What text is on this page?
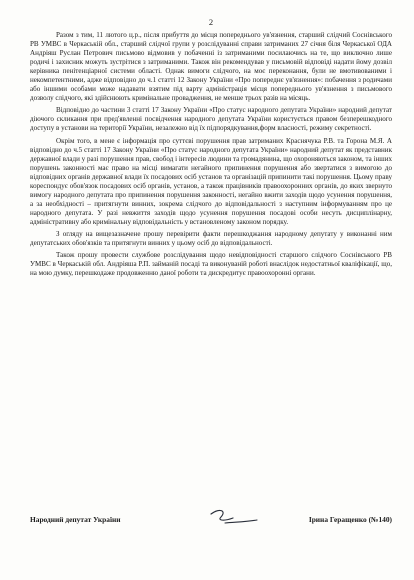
2

Разом з тим, 11 лютого ц.р., після прибуття до місця попереднього ув'язнення, старший слідчий Соснівського РВ УМВС в Черкаській обл., старший слідчої групи у розслідуванні справи затриманих 27 січня біля Черкаської ОДА Андріяш Руслан Петрович письмово відмовив у побаченні із затриманими посилаючись на те, що виключно лише родичі і захисник можуть зустрітися з затриманими. Також він рекомендував у письмовій відповіді надати йому дозвіл керівника пенітенціарної системи області. Однак вимоги слідчого, на моє переконання, були не вмотивованими і некомпетентними, адже відповідно до ч.1 статті 12 Закону України «Про попереднє ув'язнення»: побачення з родичами або іншими особами може надавати взятим під варту адміністрація місця попереднього ув'язнення з письмового дозволу слідчого, які здійснюють кримінальне провадження, не менше трьох разів на місяць.

Відповідно до частини 3 статті 17 Закону України «Про статус народного депутата України» народний депутат діючого скликання при пред'явленні посвідчення народного депутата України користується правом безперешкодного доступу в установи на території України, незалежно від їх підпорядкування,форм власності, режиму секретності.

Окрім того, в мене є інформація про суттєві порушення прав затриманих Краснячука Р.В. та Горона М.Я. А відповідно до ч.5 статті 17 Закону України «Про статус народного депутата України» народний депутат як представник державної влади у разі порушення прав, свобод і інтересів людини та громадянина, що охороняються законом, та інших порушень законності має право на місці вимагати негайного припинення порушення або звертатися з вимогою до відповідних органів державної влади їх посадових осіб установ та організацій припинити такі порушення. Цьому праву кореспондує обов'язок посадових осіб органів, установ, а також працівників правоохоронних органів, до яких звернуто вимогу народного депутата про припинення порушення законності, негайно вжити заходів щодо усунення порушення, а за необхідності – притягнути винних, зокрема слідчого до відповідальності з наступним інформуванням про це народного депутата. У разі невжиття заходів щодо усунення порушення посадові особи несуть дисциплінарну, адміністративну або кримінальну відповідальність у встановленому законом порядку.

З огляду на вищезазначене прошу перевірити факти перешкоджання народному депутату у виконанні ним депутатських обов'язків та притягнути винних у цьому осіб до відповідальності.

Також прошу провести службове розслідування щодо невідповідності старшого слідчого Соснівського РВ УМВС в Черкаській обл. Андріяша Р.П. займаній посаді та виконуваній роботі внаслідок недостатньої кваліфікації, що, на мою думку, перешкодаже продовженню даної роботи та дискредитує правоохоронні органи.

Народний депутат України	Ірина Геращенко (№140)
